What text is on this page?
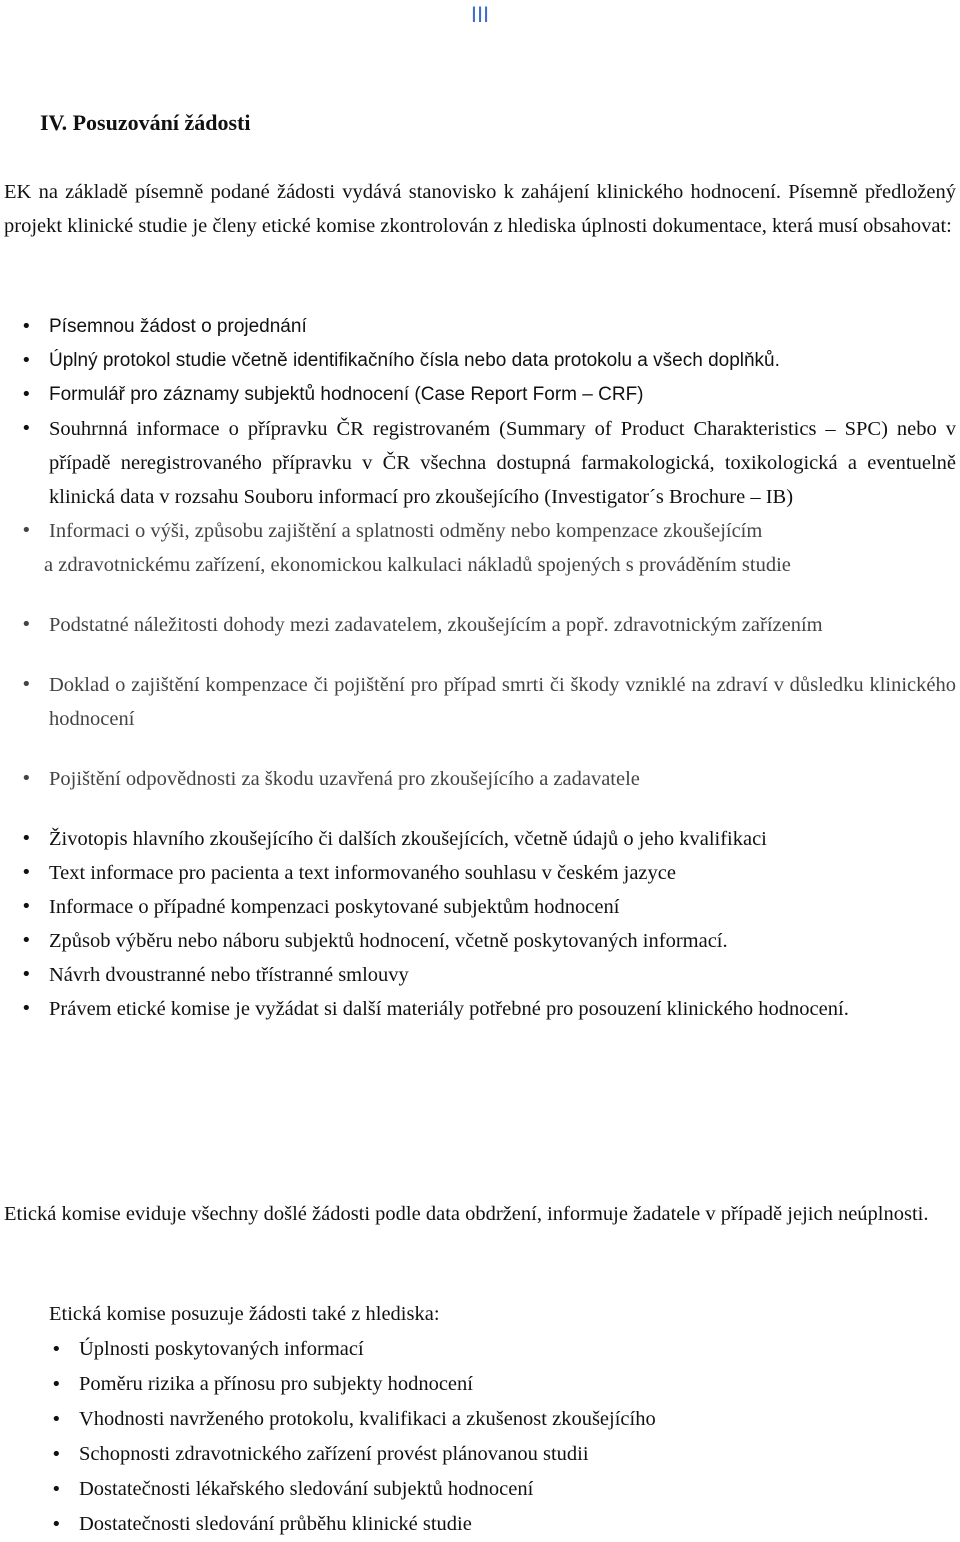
III
IV. Posuzování žádosti
EK na základě písemně podané žádosti vydává stanovisko k zahájení klinického hodnocení. Písemně předložený projekt klinické studie je členy etické komise zkontrolován z hlediska úplnosti dokumentace, která musí obsahovat:
• Písemnou žádost o projednání
• Úplný protokol studie včetně identifikačního čísla nebo data protokolu a všech doplňků.
• Formulář pro záznamy subjektů hodnocení (Case Report Form – CRF)
• Souhrnná informace o přípravku ČR registrovaném (Summary of Product Charakteristics – SPC) nebo v případě neregistrovaného přípravku v ČR všechna dostupná farmakologická, toxikologická a eventuelně klinická data v rozsahu Souboru informací pro zkoušejícího (Investigator´s Brochure – IB)
• Informaci o výši, způsobu zajištění a splatnosti odměny nebo kompenzace zkoušejícím
a zdravotnickému zařízení, ekonomickou kalkulaci nákladů spojených s prováděním studie
• Podstatné náležitosti dohody mezi zadavatelem, zkoušejícím a popř. zdravotnickým zařízením
• Doklad o zajištění kompenzace či pojištění pro případ smrti či škody vzniklé na zdraví v důsledku klinického hodnocení
• Pojištění odpovědnosti za škodu uzavřená pro zkoušejícího a zadavatele
• Životopis hlavního zkoušejícího či dalších zkoušejících, včetně údajů o jeho kvalifikaci
• Text informace pro pacienta a text informovaného souhlasu v českém jazyce
• Informace o případné kompenzaci poskytované subjektům hodnocení
• Způsob výběru nebo náboru subjektů hodnocení, včetně poskytovaných informací.
• Návrh dvoustranné nebo třístranné smlouvy
• Právem etické komise je vyžádat si další materiály potřebné pro posouzení klinického hodnocení.
Etická komise eviduje všechny došlé žádosti podle data obdržení, informuje žadatele v případě jejich neúplnosti.
Etická komise posuzuje žádosti také z hlediska:
• Úplnosti poskytovaných informací
• Poměru rizika a přínosu pro subjekty hodnocení
• Vhodnosti navrženého protokolu, kvalifikaci a zkušenost zkoušejícího
• Schopnosti zdravotnického zařízení provést plánovanou studii
• Dostatečnosti lékařského sledování subjektů hodnocení
• Dostatečnosti sledování průběhu klinické studie
